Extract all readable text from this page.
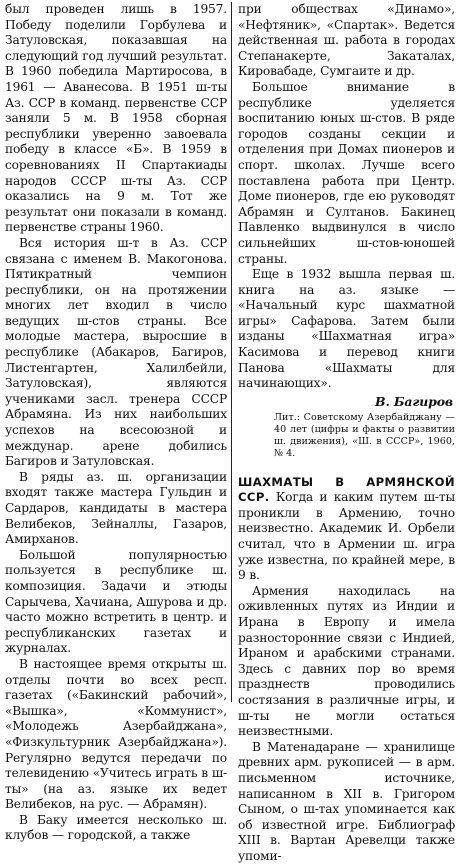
был проведен лишь в 1957. Победу поделили Горбулева и Затуловская, показавшая на следующий год лучший результат. В 1960 победила Мартиросова, в 1961 — Аванесова. В 1951 ш-ты Аз. ССР в команд. первенстве ССР заняли 5 м. В 1958 сборная республики уверенно завоевала победу в классе «Б». В 1959 в соревнованиях II Спартакиады народов СССР ш-ты Аз. ССР оказались на 9 м. Тот же результат они показали в команд. первенстве страны 1960.

Вся история ш-т в Аз. ССР связана с именем В. Макогонова. Пятикратный чемпион республики, он на протяжении многих лет входил в число ведущих ш-стов страны. Все молодые мастера, выросшие в республике (Абакаров, Багиров, Листенгартен, Халилбейли, Затуловская), являются учениками засл. тренера СССР Абрамяна. Из них наибольших успехов на всесоюзной и междунар. арене добились Багиров и Затуловская.

В ряды аз. ш. организации входят также мастера Гульдин и Сардаров, кандидаты в мастера Велибеков, Зейналлы, Газаров, Амирханов.

Большой популярностью пользуется в республике ш. композиция. Задачи и этюды Сарычева, Хачиана, Ашурова и др. часто можно встретить в центр. и республиканских газетах и журналах.

В настоящее время открыты ш. отделы почти во всех респ. газетах («Бакинский рабочий», «Вышка», «Коммунист», «Молодежь Азербайджана», «Физкультурник Азербайджана»). Регулярно ведутся передачи по телевидению «Учитесь играть в ш-ты» (на аз. языке их ведет Велибеков, на рус. — Абрамян).

В Баку имеется несколько ш. клубов — городской, а также

при обществах «Динамо», «Нефтяник», «Спартак». Ведется действенная ш. работа в городах Степанакерте, Закаталах, Кировабаде, Сумгаите и др.

Большое внимание в республике уделяется воспитанию юных ш-стов. В ряде городов созданы секции и отделения при Домах пионеров и спорт. школах. Лучше всего поставлена работа при Центр. Доме пионеров, где ею руководят Абрамян и Султанов. Бакинец Павленко выдвинулся в число сильнейших ш-стов-юношей страны.

Еще в 1932 вышла первая ш. книга на аз. языке — «Начальный курс шахматной игры» Сафарова. Затем были изданы «Шахматная игра» Касимова и перевод книги Панова «Шахматы для начинающих».

В. Багиров

Лит.: Советскому Азербайджану — 40 лет (цифры и факты о развитии ш. движения), «Ш. в СССР», 1960, № 4.

ШАХМАТЫ В АРМЯНСКОЙ ССР. Когда и каким путем ш-ты проникли в Армению, точно неизвестно. Академик И. Орбели считал, что в Армении ш. игра уже известна, по крайней мере, в 9 в.

Армения находилась на оживленных путях из Индии и Ирана в Европу и имела разносторонние связи с Индией, Ираном и арабскими странами. Здесь с давних пор во время празднеств проводились состязания в различные игры, и ш-ты не могли остаться неизвестными.

В Матенадаране — хранилище древних арм. рукописей — в арм. письменном источнике, написанном в XII в. Григором Сыном, о ш-тах упоминается как об известной игре. Библиограф XIII в. Вартан Аревелци также упоми-
